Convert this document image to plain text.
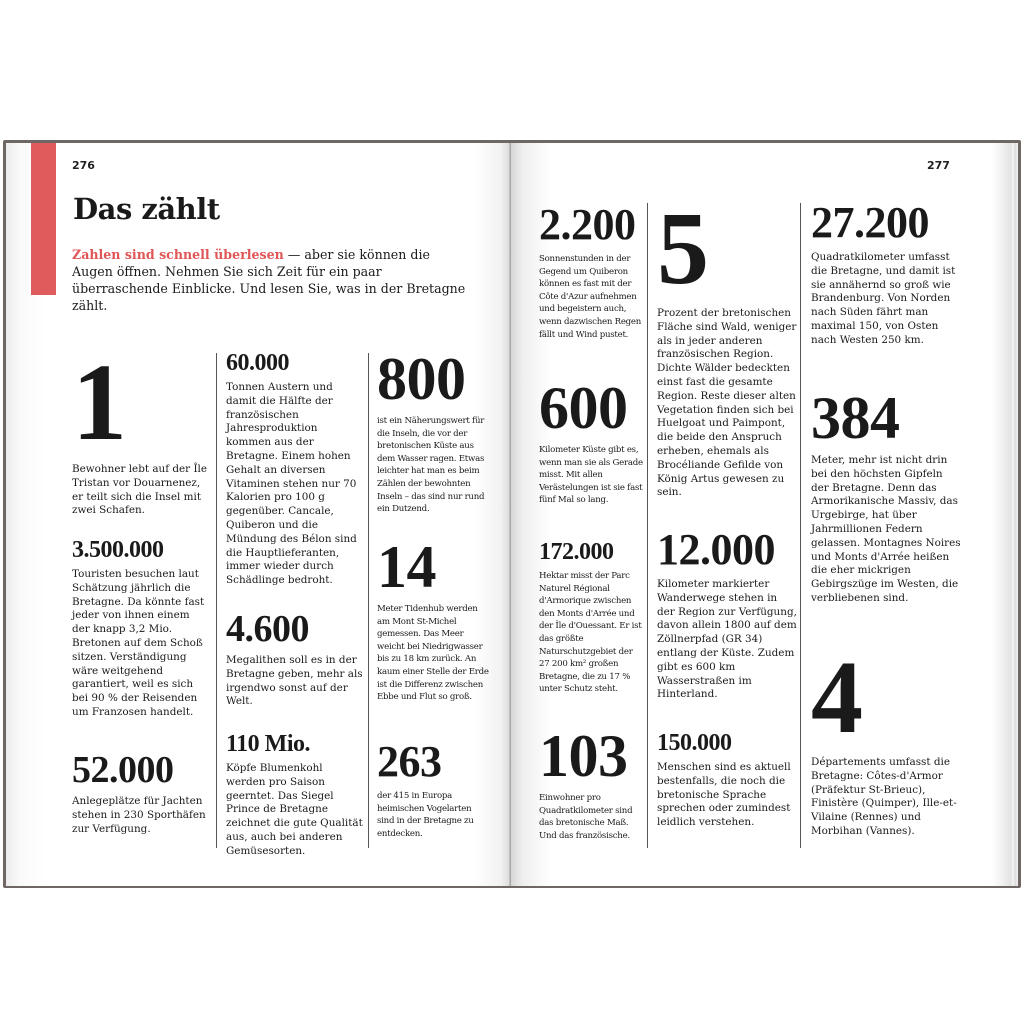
276
Das zählt
Zahlen sind schnell überlesen — aber sie können die Augen öffnen. Nehmen Sie sich Zeit für ein paar überraschende Einblicke. Und lesen Sie, was in der Bretagne zählt.
1
Bewohner lebt auf der Île Tristan vor Douarnenez, er teilt sich die Insel mit zwei Schafen.
3.500.000
Touristen besuchen laut Schätzung jährlich die Bretagne. Da könnte fast jeder von ihnen einem der knapp 3,2 Mio. Bretonen auf dem Schoß sitzen. Verständigung wäre weitgehend garantiert, weil es sich bei 90 % der Reisenden um Franzosen handelt.
52.000
Anlegeplätze für Jachten stehen in 230 Sporthäfen zur Verfügung.
60.000
Tonnen Austern und damit die Hälfte der französischen Jahresproduktion kommen aus der Bretagne. Einem hohen Gehalt an diversen Vitaminen stehen nur 70 Kalorien pro 100 g gegenüber. Cancale, Quiberon und die Mündung des Bélon sind die Hauptlieferanten, immer wieder durch Schädlinge bedroht.
4.600
Megalithen soll es in der Bretagne geben, mehr als irgendwo sonst auf der Welt.
110 Mio.
Köpfe Blumenkohl werden pro Saison geerntet. Das Siegel Prince de Bretagne zeichnet die gute Qualität aus, auch bei anderen Gemüsesorten.
800
ist ein Näherungswert für die Inseln, die vor der bretonischen Küste aus dem Wasser ragen. Etwas leichter hat man es beim Zählen der bewohnten Inseln – das sind nur rund ein Dutzend.
14
Meter Tidenhub werden am Mont St-Michel gemessen. Das Meer weicht bei Niedrigwasser bis zu 18 km zurück. An kaum einer Stelle der Erde ist die Differenz zwischen Ebbe und Flut so groß.
263
der 415 in Europa heimischen Vogelarten sind in der Bretagne zu entdecken.
277
2.200
Sonnenstunden in der Gegend um Quiberon können es fast mit der Côte d'Azur aufnehmen und begeistern auch, wenn dazwischen Regen fällt und Wind pustet.
600
Kilometer Küste gibt es, wenn man sie als Gerade misst. Mit allen Verästelungen ist sie fast fünf Mal so lang.
172.000
Hektar misst der Parc Naturel Régional d'Armorique zwischen den Monts d'Arrée und der Île d'Ouessant. Er ist das größte Naturschutzgebiet der 27 200 km² großen Bretagne, die zu 17 % unter Schutz steht.
103
Einwohner pro Quadratkilometer sind das bretonische Maß. Und das französische.
5
Prozent der bretonischen Fläche sind Wald, weniger als in jeder anderen französischen Region. Dichte Wälder bedeckten einst fast die gesamte Region. Reste dieser alten Vegetation finden sich bei Huelgoat und Paimpont, die beide den Anspruch erheben, ehemals als Brocéliande Gefilde von König Artus gewesen zu sein.
12.000
Kilometer markierter Wanderwege stehen in der Region zur Verfügung, davon allein 1800 auf dem Zöllnerpfad (GR 34) entlang der Küste. Zudem gibt es 600 km Wasserstraßen im Hinterland.
150.000
Menschen sind es aktuell bestenfalls, die noch die bretonische Sprache sprechen oder zumindest leidlich verstehen.
27.200
Quadratkilometer umfasst die Bretagne, und damit ist sie annähernd so groß wie Brandenburg. Von Norden nach Süden fährt man maximal 150, von Osten nach Westen 250 km.
384
Meter, mehr ist nicht drin bei den höchsten Gipfeln der Bretagne. Denn das Armorikanische Massiv, das Urgebirge, hat über Jahrmillionen Federn gelassen. Montagnes Noires und Monts d'Arrée heißen die eher mickrigen Gebirgszüge im Westen, die verbliebenen sind.
4
Départements umfasst die Bretagne: Côtes-d'Armor (Präfektur St-Brieuc), Finistère (Quimper), Ille-et-Vilaine (Rennes) und Morbihan (Vannes).
